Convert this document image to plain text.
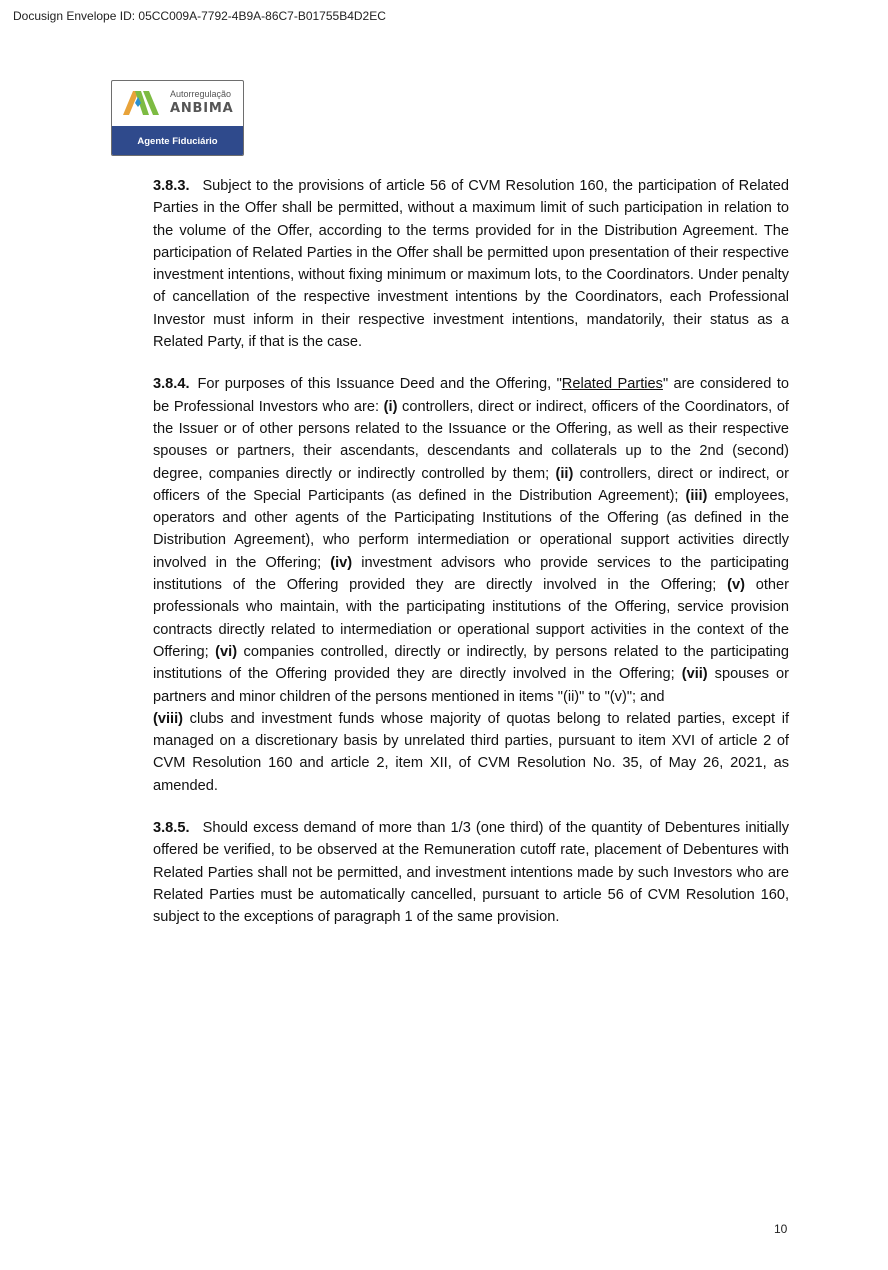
Docusign Envelope ID: 05CC009A-7792-4B9A-86C7-B01755B4D2EC
Autorregulação
ANBIMA
Agente Fiduciário

3.8.3. Subject to the provisions of article 56 of CVM Resolution 160, the participation of Related Parties in the Offer shall be permitted, without a maximum limit of such participation in relation to the volume of the Offer, according to the terms provided for in the Distribution Agreement. The participation of Related Parties in the Offer shall be permitted upon presentation of their respective investment intentions, without fixing minimum or maximum lots, to the Coordinators. Under penalty of cancellation of the respective investment intentions by the Coordinators, each Professional Investor must inform in their respective investment intentions, mandatorily, their status as a Related Party, if that is the case.

3.8.4. For purposes of this Issuance Deed and the Offering, "Related Parties" are considered to be Professional Investors who are: (i) controllers, direct or indirect, officers of the Coordinators, of the Issuer or of other persons related to the Issuance or the Offering, as well as their respective spouses or partners, their ascendants, descendants and collaterals up to the 2nd (second) degree, companies directly or indirectly controlled by them; (ii) controllers, direct or indirect, or officers of the Special Participants (as defined in the Distribution Agreement); (iii) employees, operators and other agents of the Participating Institutions of the Offering (as defined in the Distribution Agreement), who perform intermediation or operational support activities directly involved in the Offering; (iv) investment advisors who provide services to the participating institutions of the Offering provided they are directly involved in the Offering; (v) other professionals who maintain, with the participating institutions of the Offering, service provision contracts directly related to intermediation or operational support activities in the context of the Offering; (vi) companies controlled, directly or indirectly, by persons related to the participating institutions of the Offering provided they are directly involved in the Offering; (vii) spouses or partners and minor children of the persons mentioned in items "(ii)" to "(v)"; and
(viii) clubs and investment funds whose majority of quotas belong to related parties, except if managed on a discretionary basis by unrelated third parties, pursuant to item XVI of article 2 of CVM Resolution 160 and article 2, item XII, of CVM Resolution No. 35, of May 26, 2021, as amended.

3.8.5. Should excess demand of more than 1/3 (one third) of the quantity of Debentures initially offered be verified, to be observed at the Remuneration cutoff rate, placement of Debentures with Related Parties shall not be permitted, and investment intentions made by such Investors who are Related Parties must be automatically cancelled, pursuant to article 56 of CVM Resolution 160, subject to the exceptions of paragraph 1 of the same provision.

10
